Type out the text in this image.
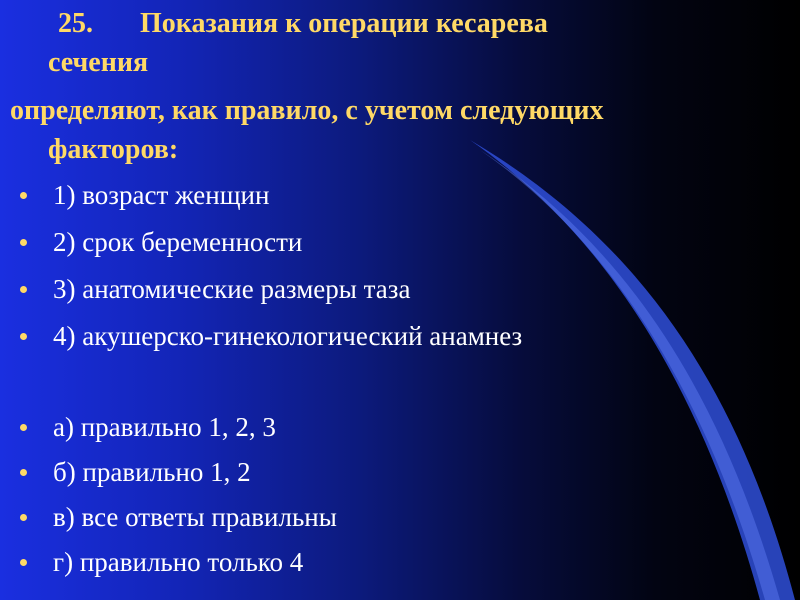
25. Показания к операции кесарева

сечения

определяют, как правило, с учетом следующих

факторов:

1) возраст женщин
2) срок беременности
3) анатомические размеры таза
4) акушерско-гинекологический анамнез
а) правильно 1, 2, 3
б) правильно 1, 2
в) все ответы правильны
г) правильно только 4
